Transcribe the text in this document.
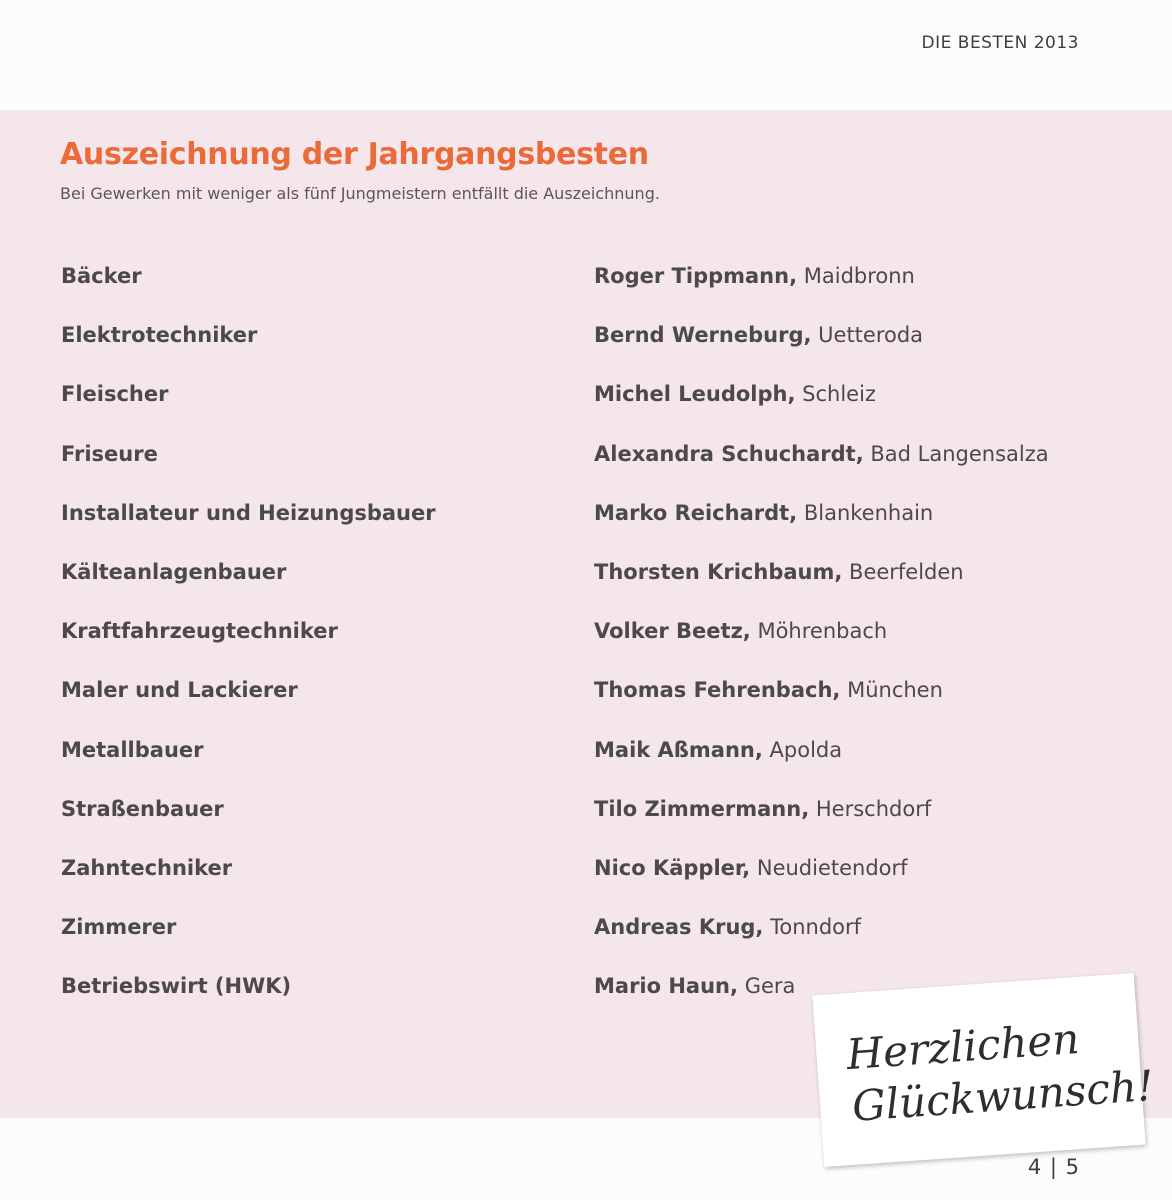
DIE BESTEN 2013
Auszeichnung der Jahrgangsbesten
Bei Gewerken mit weniger als fünf Jungmeistern entfällt die Auszeichnung.
Bäcker	Roger Tippmann, Maidbronn
Elektrotechniker	Bernd Werneburg, Uetteroda
Fleischer	Michel Leudolph, Schleiz
Friseure	Alexandra Schuchardt, Bad Langensalza
Installateur und Heizungsbauer	Marko Reichardt, Blankenhain
Kälteanlagenbauer	Thorsten Krichbaum, Beerfelden
Kraftfahrzeugtechniker	Volker Beetz, Möhrenbach
Maler und Lackierer	Thomas Fehrenbach, München
Metallbauer	Maik Aßmann, Apolda
Straßenbauer	Tilo Zimmermann, Herschdorf
Zahntechniker	Nico Käppler, Neudietendorf
Zimmerer	Andreas Krug, Tonndorf
Betriebswirt (HWK)	Mario Haun, Gera
Herzlichen
Glückwunsch!
4 | 5
